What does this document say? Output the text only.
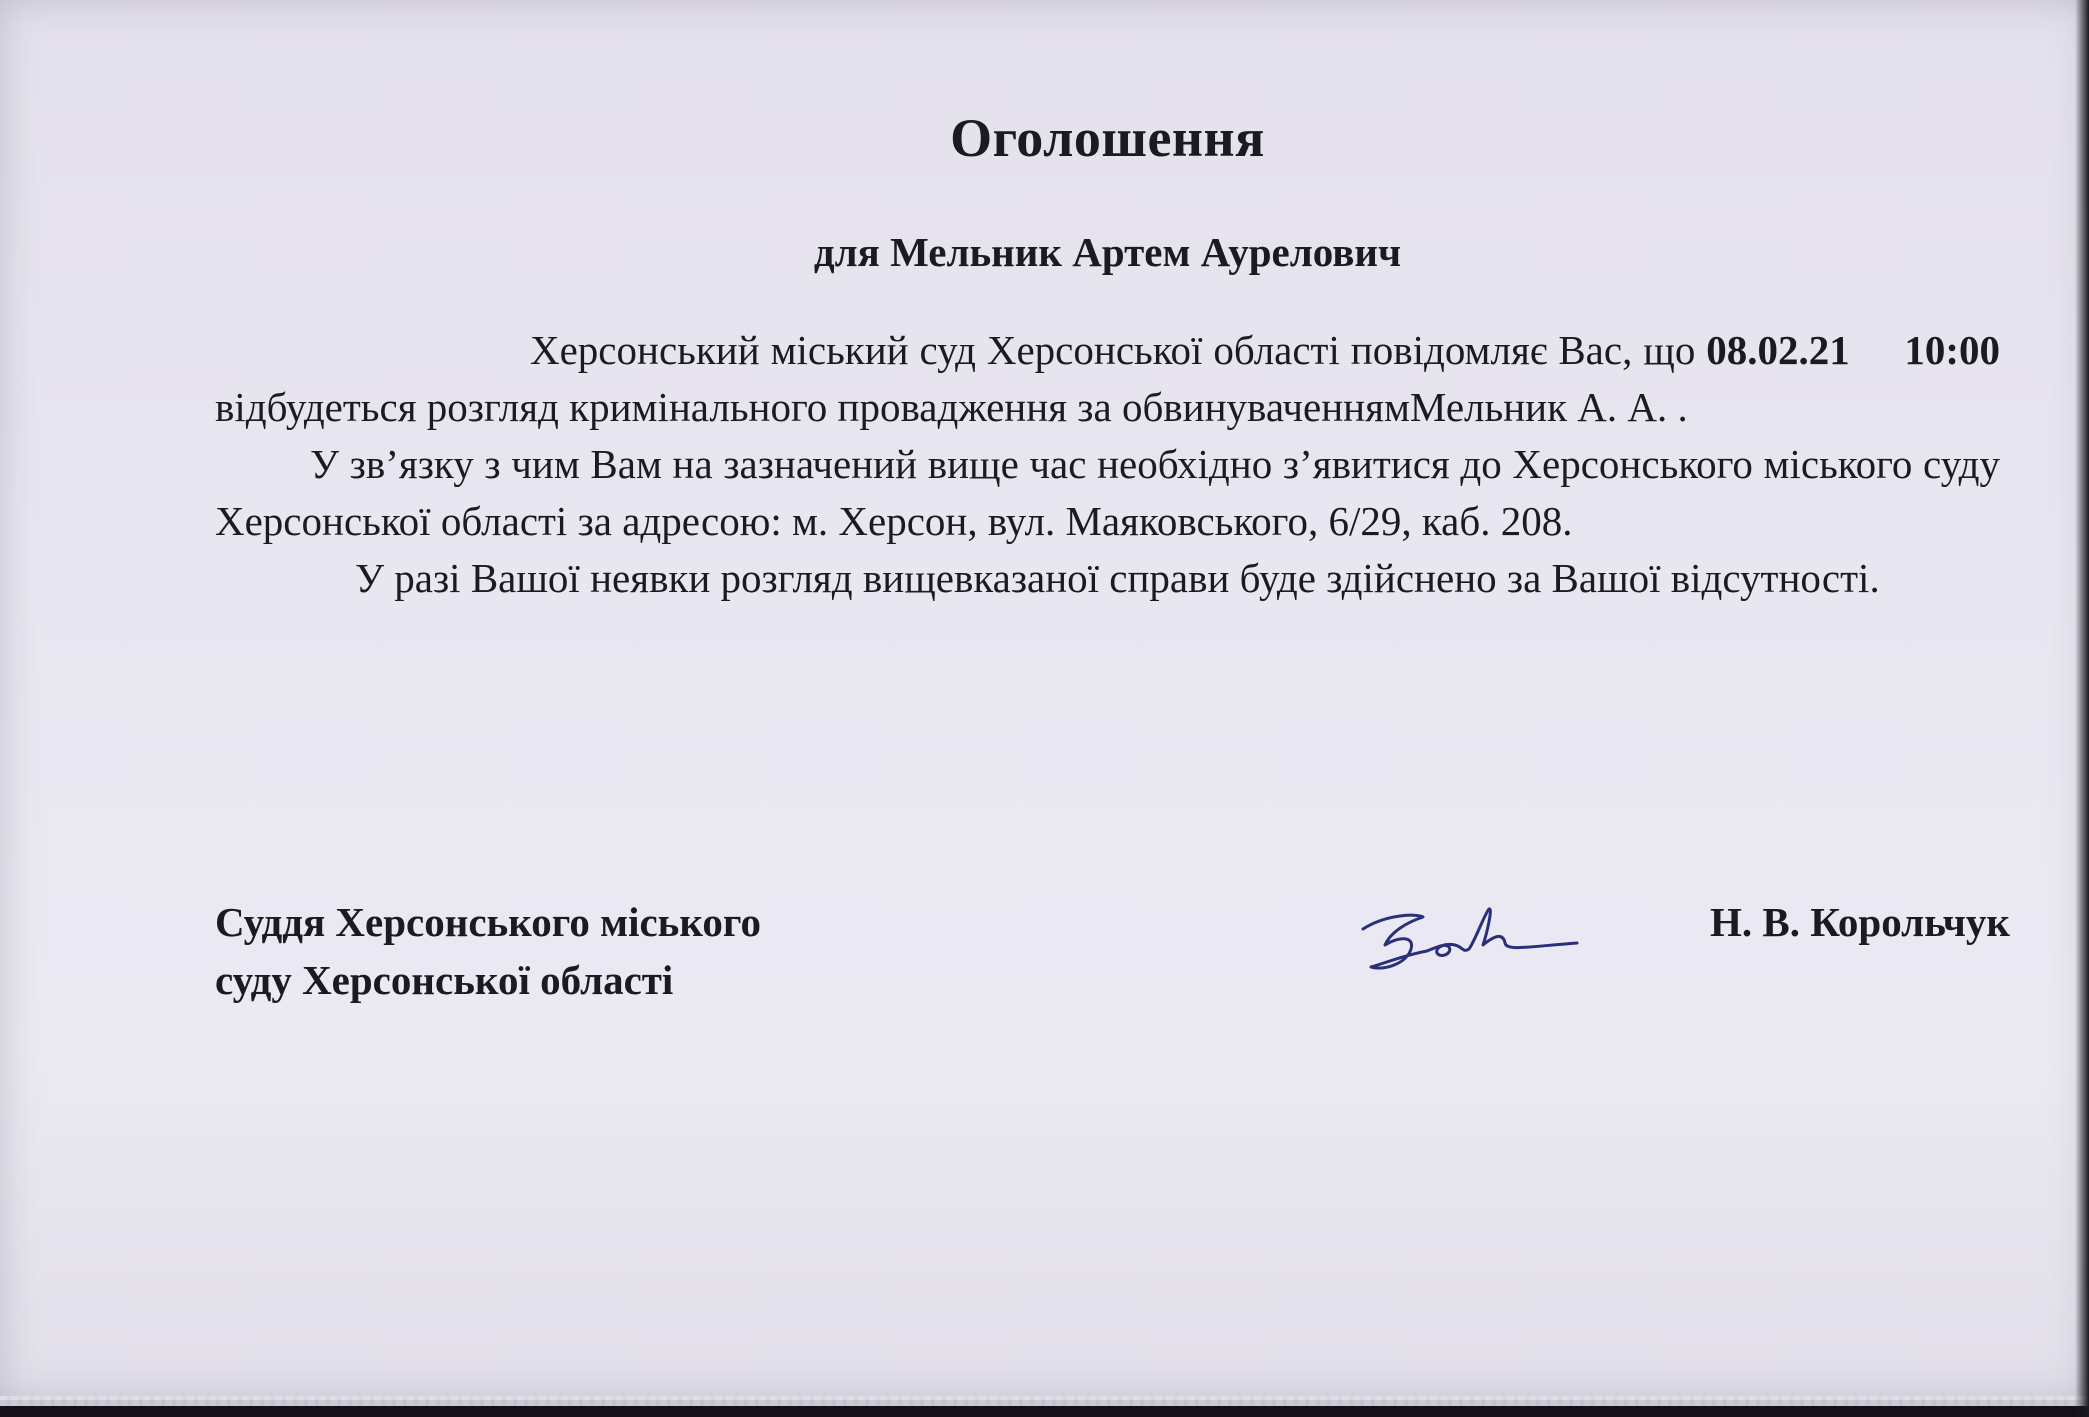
Оголошення
для Мельник Артем Аурелович

Херсонський міський суд Херсонської області повідомляє Вас, що 08.02.21 10:00 відбудеться розгляд кримінального провадження за обвинуваченнямМельник А. А. .

У зв’язку з чим Вам на зазначений вище час необхідно з’явитися до Херсонського міського суду Херсонської області за адресою: м. Херсон, вул. Маяковського, 6/29, каб. 208.

У разі Вашої неявки розгляд вищевказаної справи буде здійснено за Вашої відсутності.

Суддя Херсонського міського
суду Херсонської області
Н. В. Корольчук
